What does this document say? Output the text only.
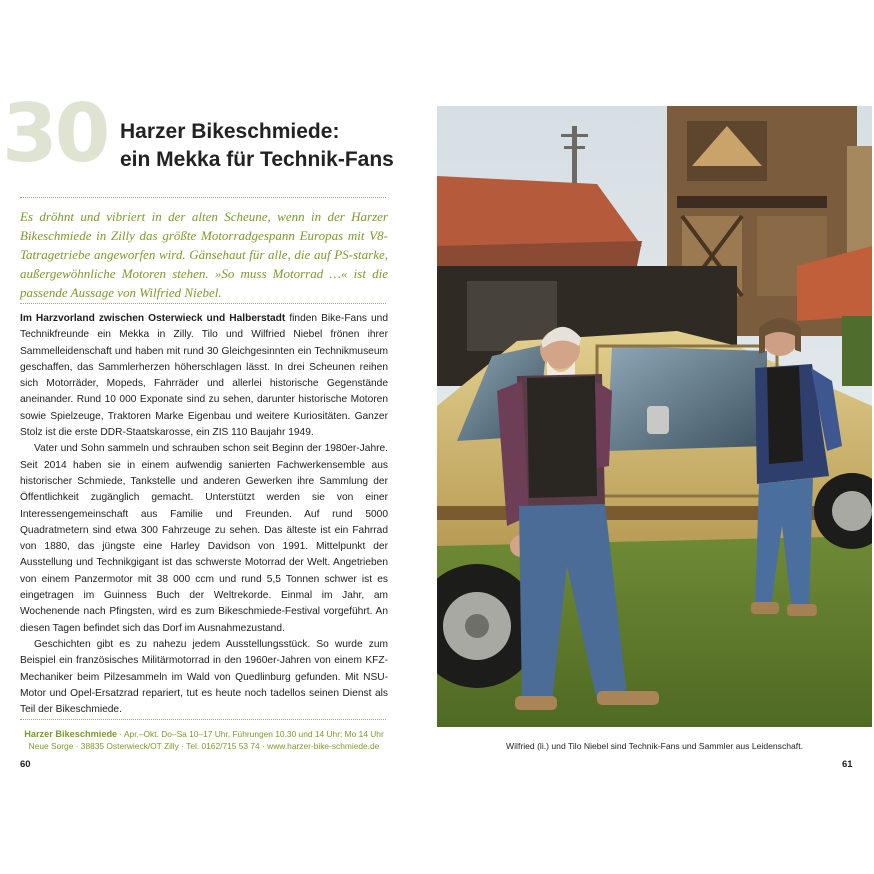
30 Harzer Bikeschmiede:
ein Mekka für Technik-Fans
Es dröhnt und vibriert in der alten Scheune, wenn in der Harzer Bikeschmiede in Zilly das größte Motorradgespann Europas mit V8-Tatragetriebe angeworfen wird. Gänsehaut für alle, die auf PS-starke, außergewöhnliche Motoren stehen. »So muss Motorrad …« ist die passende Aussage von Wilfried Niebel.

Im Harzvorland zwischen Osterwieck und Halberstadt finden Bike-Fans und Technikfreunde ein Mekka in Zilly. Tilo und Wilfried Niebel frönen ihrer Sammelleidenschaft und haben mit rund 30 Gleichgesinnten ein Technikmuseum geschaffen, das Sammlerherzen höherschlagen lässt. In drei Scheunen reihen sich Motorräder, Mopeds, Fahrräder und allerlei historische Gegenstände aneinander. Rund 10 000 Exponate sind zu sehen, darunter historische Motoren sowie Spielzeuge, Traktoren Marke Eigenbau und weitere Kuriositäten. Ganzer Stolz ist die erste DDR-Staatskarosse, ein ZIS 110 Baujahr 1949.

Vater und Sohn sammeln und schrauben schon seit Beginn der 1980er-Jahre. Seit 2014 haben sie in einem aufwendig sanierten Fachwerkensemble aus historischer Schmiede, Tankstelle und anderen Gewerken ihre Sammlung der Öffentlichkeit zugänglich gemacht. Unterstützt werden sie von einer Interessengemeinschaft aus Familie und Freunden. Auf rund 5000 Quadratmetern sind etwa 300 Fahrzeuge zu sehen. Das älteste ist ein Fahrrad von 1880, das jüngste eine Harley Davidson von 1991. Mittelpunkt der Ausstellung und Technikgigant ist das schwerste Motorrad der Welt. Angetrieben von einem Panzermotor mit 38 000 ccm und rund 5,5 Tonnen schwer ist es eingetragen im Guinness Buch der Weltrekorde. Einmal im Jahr, am Wochenende nach Pfingsten, wird es zum Bikeschmiede-Festival vorgeführt. An diesen Tagen befindet sich das Dorf im Ausnahmezustand.

Geschichten gibt es zu nahezu jedem Ausstellungsstück. So wurde zum Beispiel ein französisches Militärmotorrad in den 1960er-Jahren von einem KFZ-Mechaniker beim Pilzesammeln im Wald von Quedlinburg gefunden. Mit NSU-Motor und Opel-Ersatzrad repariert, tut es heute noch tadellos seinen Dienst als Teil der Bikeschmiede.

Harzer Bikeschmiede · Apr.–Okt. Do–Sa 10–17 Uhr, Führungen 10.30 und 14 Uhr; Mo 14 Uhr
Neue Sorge · 38835 Osterwieck/OT Zilly · Tel. 0162/715 53 74 · www.harzer-bike-schmiede.de
60
Wilfried (li.) und Tilo Niebel sind Technik-Fans und Sammler aus Leidenschaft.
61
